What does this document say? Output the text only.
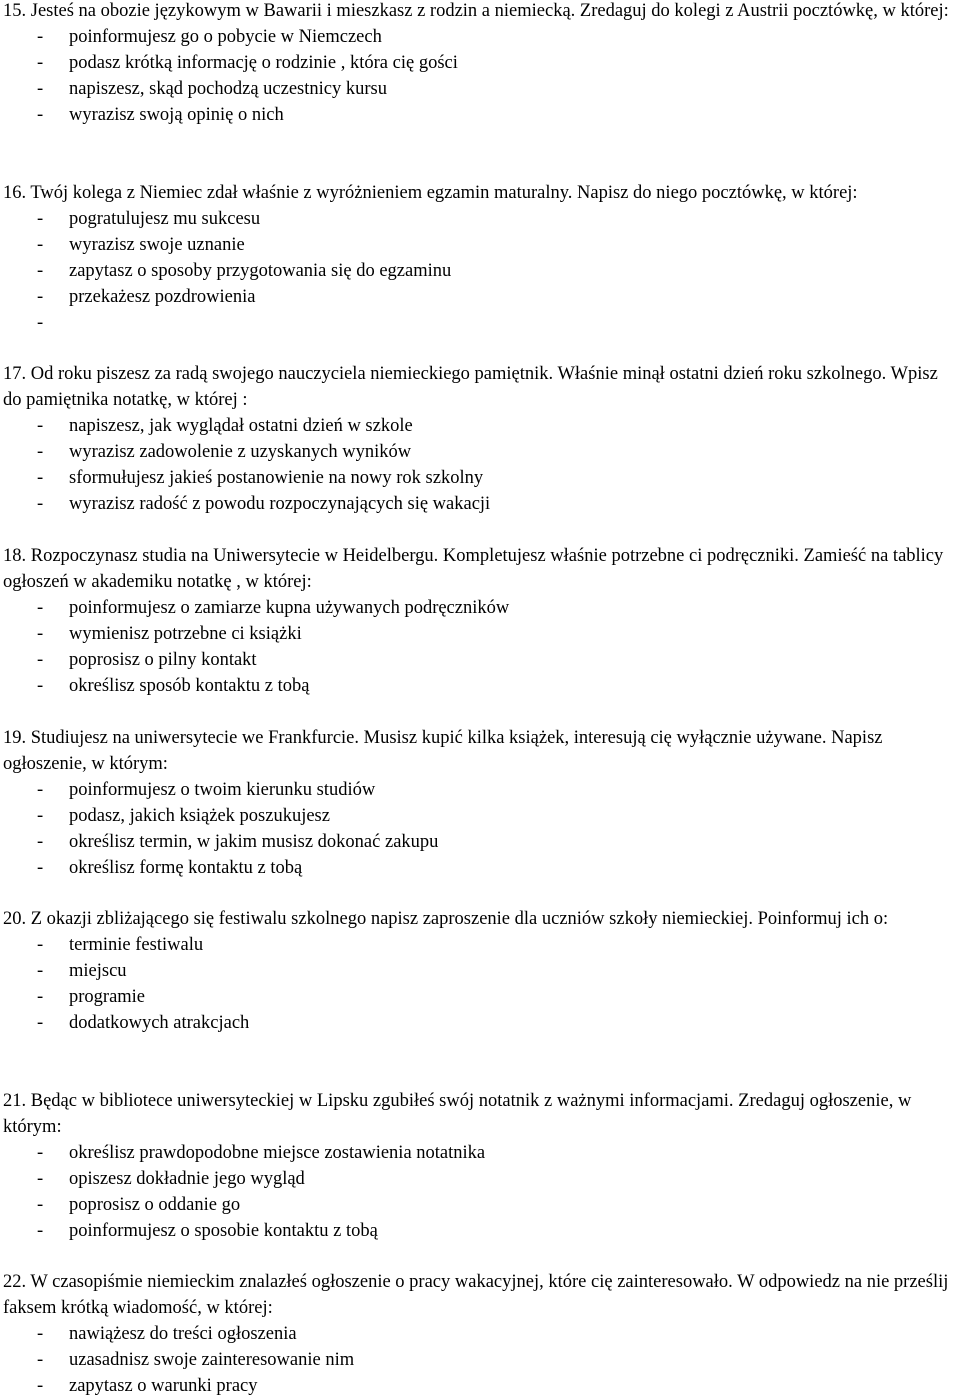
15. Jesteś na obozie językowym w Bawarii i mieszkasz z rodzin a niemiecką. Zredaguj do kolegi z Austrii pocztówkę, w której:

- poinformujesz go o pobycie w Niemczech
- podasz krótką informację o rodzinie , która cię gości
- napiszesz, skąd pochodzą uczestnicy kursu
- wyrazisz swoją opinię o nich

16. Twój kolega z Niemiec zdał właśnie z wyróżnieniem egzamin maturalny. Napisz do niego pocztówkę, w której:

- pogratulujesz mu sukcesu
- wyrazisz swoje uznanie
- zapytasz o sposoby przygotowania się do egzaminu
- przekażesz pozdrowienia
-

17. Od roku piszesz za radą swojego nauczyciela niemieckiego pamiętnik. Właśnie minął ostatni dzień roku szkolnego. Wpisz do pamiętnika notatkę, w której :

- napiszesz, jak wyglądał ostatni dzień w szkole
- wyrazisz zadowolenie z uzyskanych wyników
- sformułujesz jakieś postanowienie na nowy rok szkolny
- wyrazisz radość z powodu rozpoczynających się wakacji

18. Rozpoczynasz studia na Uniwersytecie w Heidelbergu. Kompletujesz właśnie potrzebne ci podręczniki. Zamieść na tablicy ogłoszeń w akademiku notatkę , w której:

- poinformujesz o zamiarze kupna używanych podręczników
- wymienisz potrzebne ci książki
- poprosisz o pilny kontakt
- określisz sposób kontaktu z tobą

19. Studiujesz na uniwersytecie we Frankfurcie. Musisz kupić kilka książek, interesują cię wyłącznie używane. Napisz ogłoszenie, w którym:

- poinformujesz o twoim kierunku studiów
- podasz, jakich książek poszukujesz
- określisz termin, w jakim musisz dokonać zakupu
- określisz formę kontaktu z tobą

20. Z okazji zbliżającego się festiwalu szkolnego napisz zaproszenie dla uczniów szkoły niemieckiej. Poinformuj ich o:

- terminie festiwalu
- miejscu
- programie
- dodatkowych atrakcjach

21. Będąc w bibliotece uniwersyteckiej w Lipsku zgubiłeś swój notatnik z ważnymi informacjami. Zredaguj ogłoszenie, w którym:

- określisz prawdopodobne miejsce zostawienia notatnika
- opiszesz dokładnie jego wygląd
- poprosisz o oddanie go
- poinformujesz o sposobie kontaktu z tobą

22. W czasopiśmie niemieckim znalazłeś ogłoszenie o pracy wakacyjnej, które cię zainteresowało. W odpowiedz na nie prześlij faksem krótką wiadomość, w której:

- nawiążesz do treści ogłoszenia
- uzasadnisz swoje zainteresowanie nim
- zapytasz o warunki pracy
